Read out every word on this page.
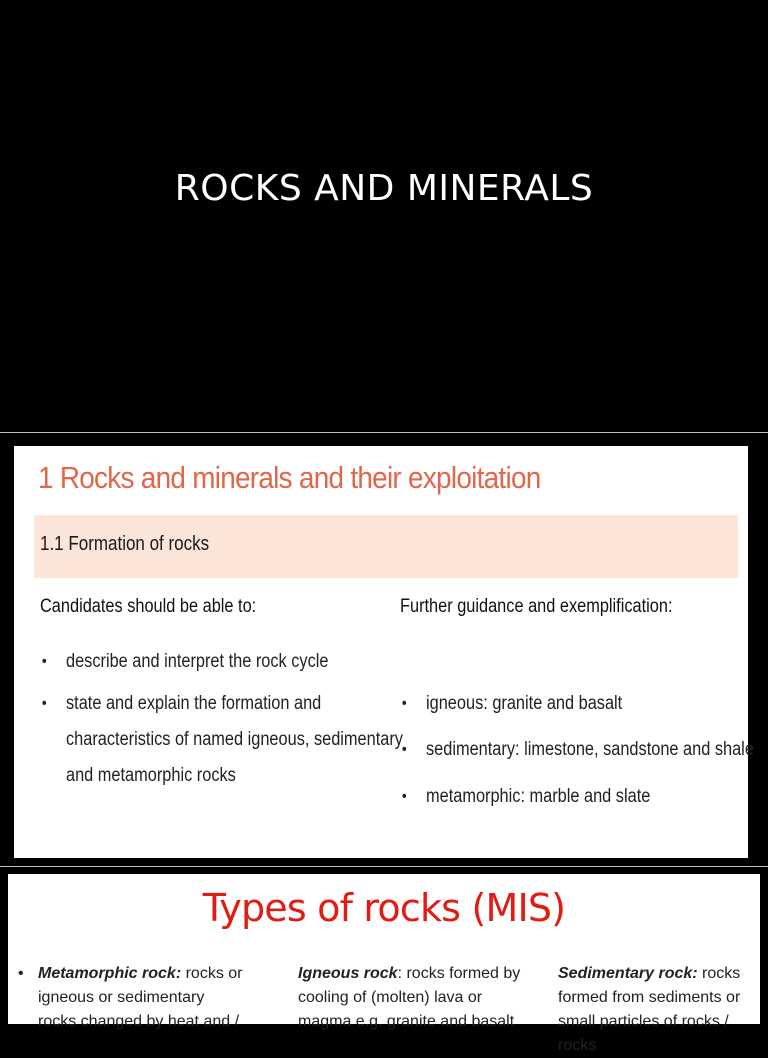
ROCKS AND MINERALS
1 Rocks and minerals and their exploitation
1.1 Formation of rocks
Candidates should be able to:	Further guidance and exemplification:
• describe and interpret the rock cycle
• state and explain the formation and
characteristics of named igneous, sedimentary
and metamorphic rocks
• igneous: granite and basalt
• sedimentary: limestone, sandstone and shale
• metamorphic: marble and slate
Types of rocks (MIS)
• Metamorphic rock: rocks or
igneous or sedimentary
rocks changed by heat and /
Igneous rock: rocks formed by
cooling of (molten) lava or
magma e.g. granite and basalt
Sedimentary rock: rocks
formed from sediments or
small particles of rocks / rocks
